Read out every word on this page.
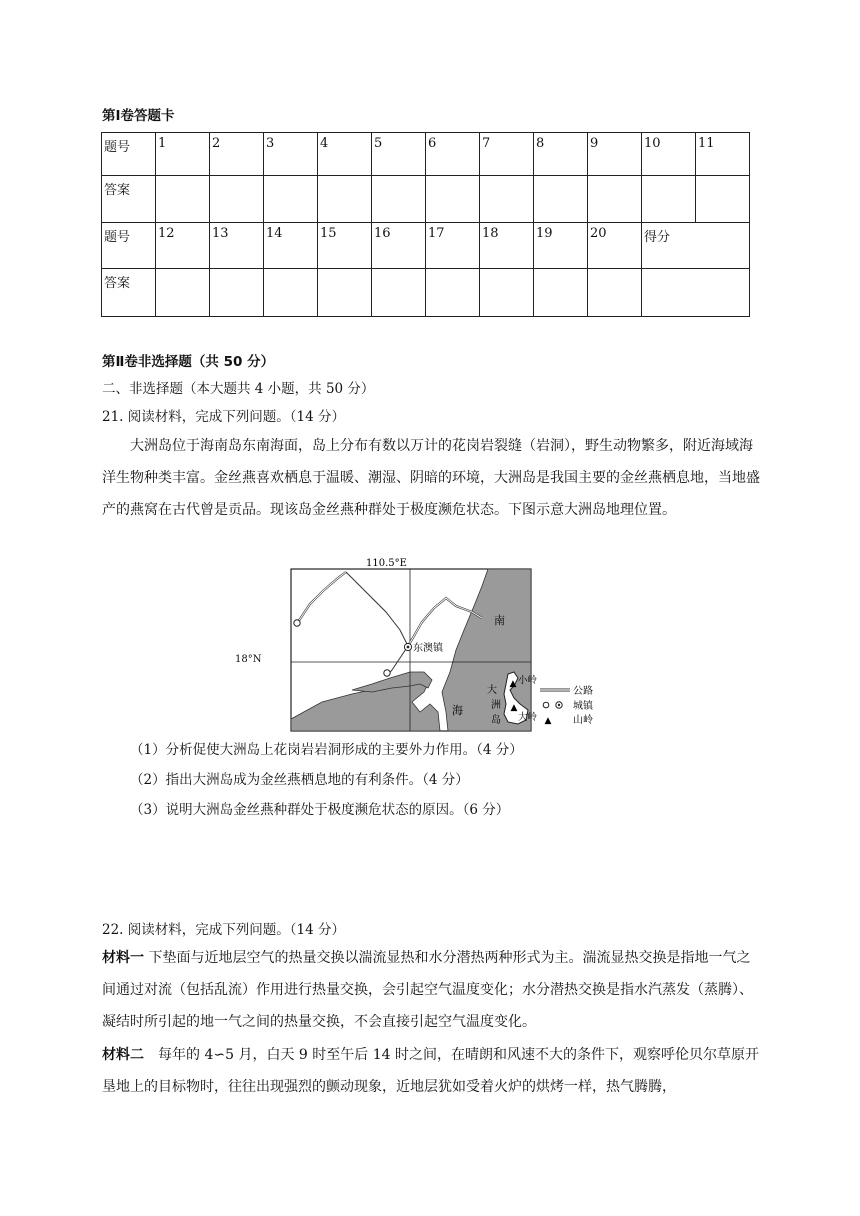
第Ⅰ卷答题卡
题号	1	2	3	4	5	6	7	8	9	10	11
答案											
题号	12	13	14	15	16	17	18	19	20	得分	
答案											
第Ⅱ卷非选择题（共 50 分）
二、非选择题（本大题共 4 小题，共 50 分）
21. 阅读材料，完成下列问题。（14 分）
大洲岛位于海南岛东南海面，岛上分布有数以万计的花岗岩裂缝（岩洞），野生动物繁多，附近海域海洋生物种类丰富。金丝燕喜欢栖息于温暖、潮湿、阴暗的环境，大洲岛是我国主要的金丝燕栖息地，当地盛产的燕窝在古代曾是贡品。现该岛金丝燕种群处于极度濒危状态。下图示意大洲岛地理位置。
110.5°E
东澳镇
南
海
▲
▲
小岭
大岭
大
洲
岛
公路
城镇
▲ 山岭
18°N
（1）分析促使大洲岛上花岗岩岩洞形成的主要外力作用。（4 分）
（2）指出大洲岛成为金丝燕栖息地的有利条件。（4 分）
（3）说明大洲岛金丝燕种群处于极度濒危状态的原因。（6 分）
22. 阅读材料，完成下列问题。（14 分）
材料一 下垫面与近地层空气的热量交换以湍流显热和水分潜热两种形式为主。湍流显热交换是指地一气之间通过对流（包括乱流）作用进行热量交换，会引起空气温度变化；水分潜热交换是指水汽蒸发（蒸腾）、凝结时所引起的地一气之间的热量交换，不会直接引起空气温度变化。
材料二　每年的 4∽5 月，白天 9 时至午后 14 时之间，在晴朗和风速不大的条件下，观察呼伦贝尔草原开垦地上的目标物时，往往出现强烈的颤动现象，近地层犹如受着火炉的烘烤一样，热气腾腾，
